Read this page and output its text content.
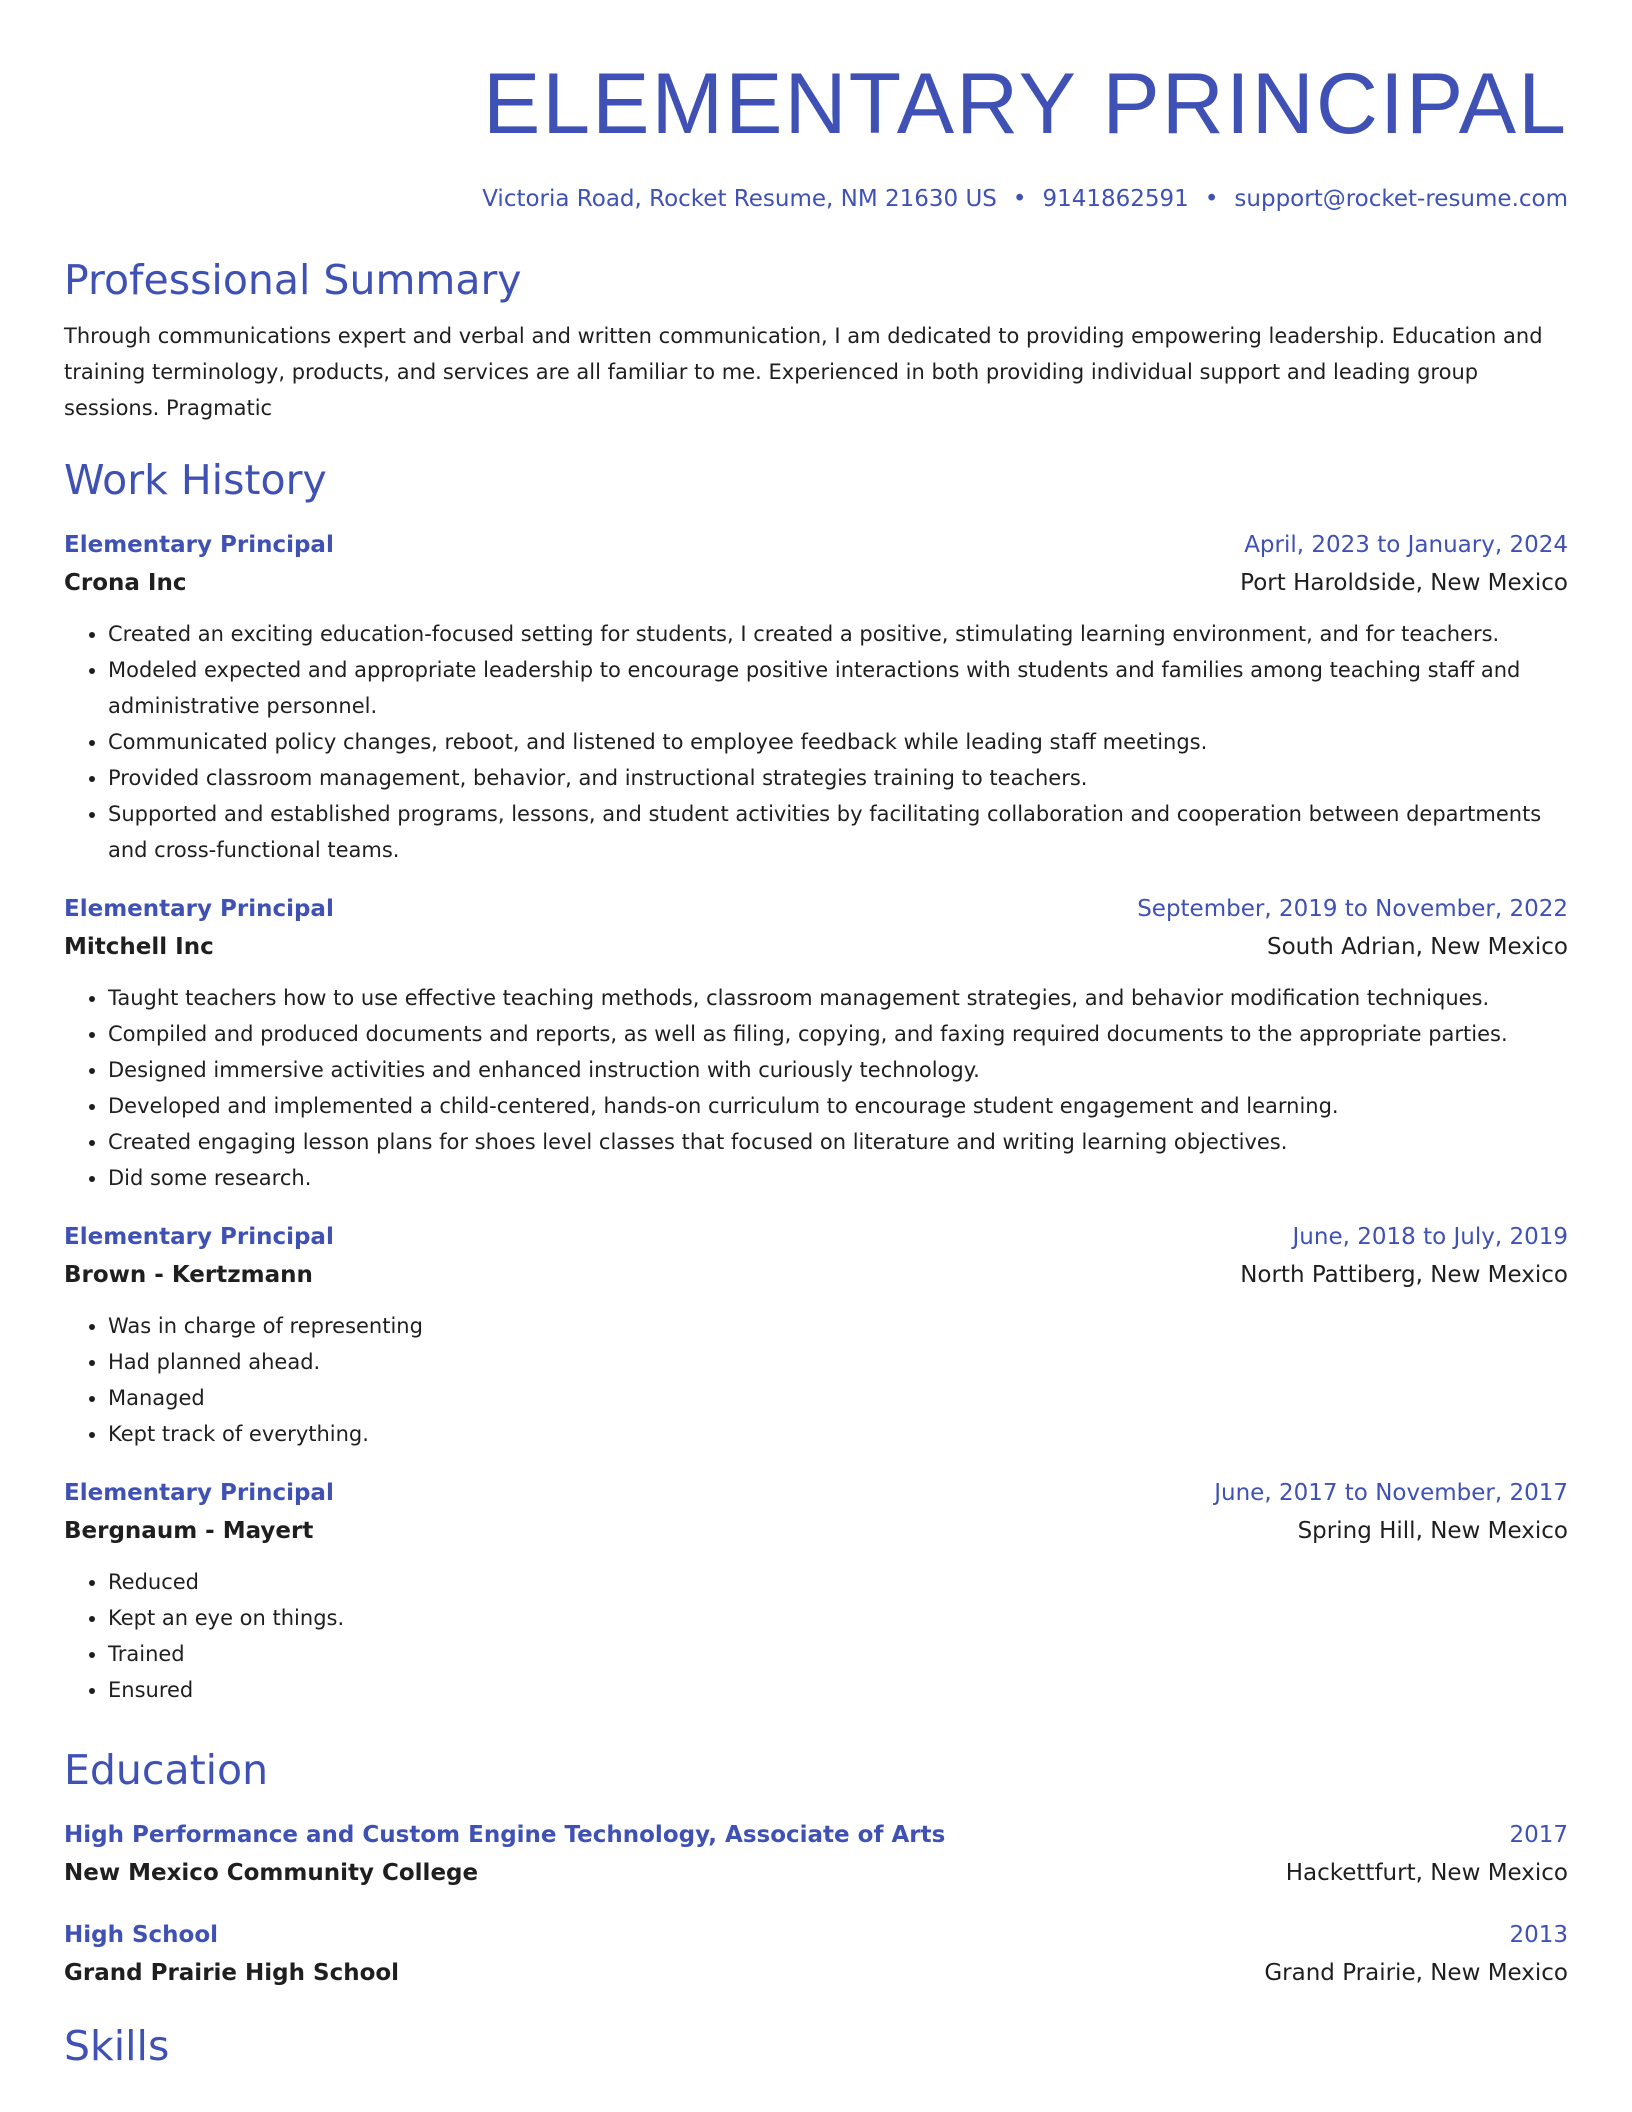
ELEMENTARY PRINCIPAL
Victoria Road, Rocket Resume, NM 21630 US • 9141862591 • support@rocket-resume.com
Professional Summary
Through communications expert and verbal and written communication, I am dedicated to providing empowering leadership. Education and training terminology, products, and services are all familiar to me. Experienced in both providing individual support and leading group sessions. Pragmatic
Work History
Elementary Principal	April, 2023 to January, 2024
Crona Inc	Port Haroldside, New Mexico
• Created an exciting education-focused setting for students, I created a positive, stimulating learning environment, and for teachers.
• Modeled expected and appropriate leadership to encourage positive interactions with students and families among teaching staff and administrative personnel.
• Communicated policy changes, reboot, and listened to employee feedback while leading staff meetings.
• Provided classroom management, behavior, and instructional strategies training to teachers.
• Supported and established programs, lessons, and student activities by facilitating collaboration and cooperation between departments and cross-functional teams.
Elementary Principal	September, 2019 to November, 2022
Mitchell Inc	South Adrian, New Mexico
• Taught teachers how to use effective teaching methods, classroom management strategies, and behavior modification techniques.
• Compiled and produced documents and reports, as well as filing, copying, and faxing required documents to the appropriate parties.
• Designed immersive activities and enhanced instruction with curiously technology.
• Developed and implemented a child-centered, hands-on curriculum to encourage student engagement and learning.
• Created engaging lesson plans for shoes level classes that focused on literature and writing learning objectives.
• Did some research.
Elementary Principal	June, 2018 to July, 2019
Brown - Kertzmann	North Pattiberg, New Mexico
• Was in charge of representing
• Had planned ahead.
• Managed
• Kept track of everything.
Elementary Principal	June, 2017 to November, 2017
Bergnaum - Mayert	Spring Hill, New Mexico
• Reduced
• Kept an eye on things.
• Trained
• Ensured
Education
High Performance and Custom Engine Technology, Associate of Arts	2017
New Mexico Community College	Hackettfurt, New Mexico
High School	2013
Grand Prairie High School	Grand Prairie, New Mexico
Skills
